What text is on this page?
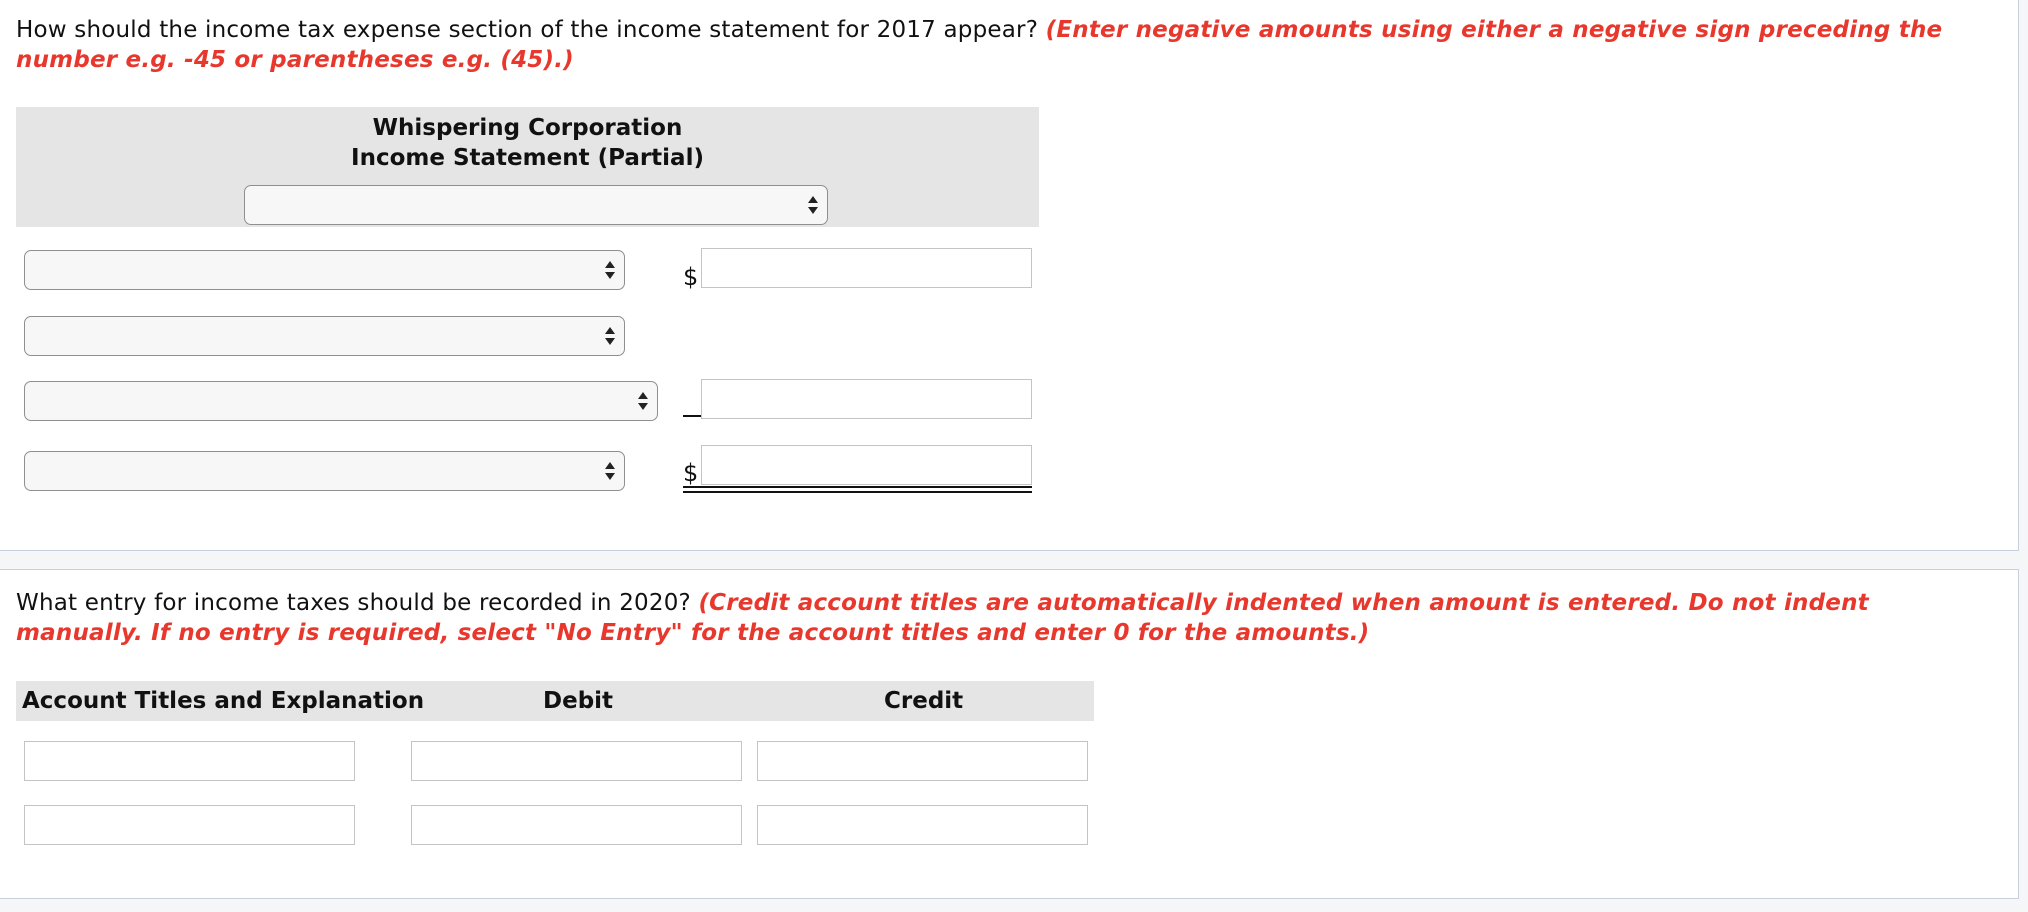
How should the income tax expense section of the income statement for 2017 appear? (Enter negative amounts using either a negative sign preceding the number e.g. -45 or parentheses e.g. (45).)
Whispering Corporation
Income Statement (Partial)
$
$
What entry for income taxes should be recorded in 2020? (Credit account titles are automatically indented when amount is entered. Do not indent manually. If no entry is required, select "No Entry" for the account titles and enter 0 for the amounts.)
Account Titles and Explanation	Debit	Credit
